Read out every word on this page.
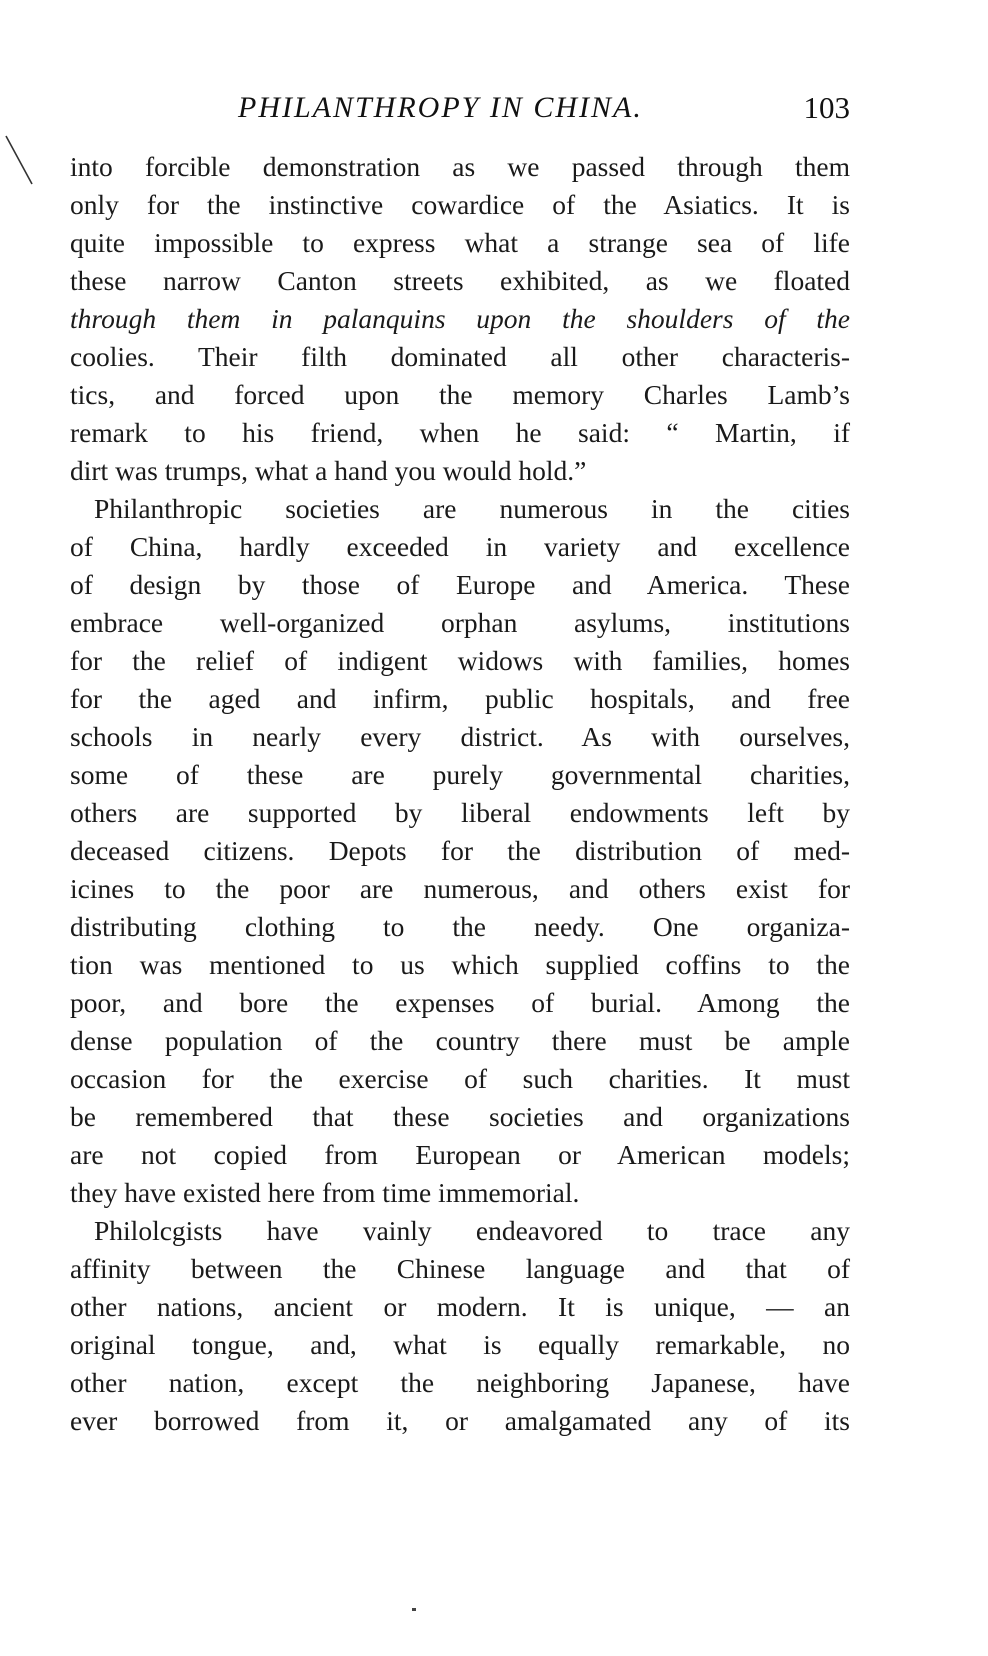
PHILANTHROPY IN CHINA.	103
into forcible demonstration as we passed through them
only for the instinctive cowardice of the Asiatics. It is
quite impossible to express what a strange sea of life
these narrow Canton streets exhibited, as we floated
through them in palanquins upon the shoulders of the
coolies. Their filth dominated all other characteris-
tics, and forced upon the memory Charles Lamb’s
remark to his friend, when he said: “ Martin, if
dirt was trumps, what a hand you would hold.”
Philanthropic societies are numerous in the cities
of China, hardly exceeded in variety and excellence
of design by those of Europe and America. These
embrace well-organized orphan asylums, institutions
for the relief of indigent widows with families, homes
for the aged and infirm, public hospitals, and free
schools in nearly every district. As with ourselves,
some of these are purely governmental charities,
others are supported by liberal endowments left by
deceased citizens. Depots for the distribution of med-
icines to the poor are numerous, and others exist for
distributing clothing to the needy. One organiza-
tion was mentioned to us which supplied coffins to the
poor, and bore the expenses of burial. Among the
dense population of the country there must be ample
occasion for the exercise of such charities. It must
be remembered that these societies and organizations
are not copied from European or American models;
they have existed here from time immemorial.
Philolcgists have vainly endeavored to trace any
affinity between the Chinese language and that of
other nations, ancient or modern. It is unique, — an
original tongue, and, what is equally remarkable, no
other nation, except the neighboring Japanese, have
ever borrowed from it, or amalgamated any of its
